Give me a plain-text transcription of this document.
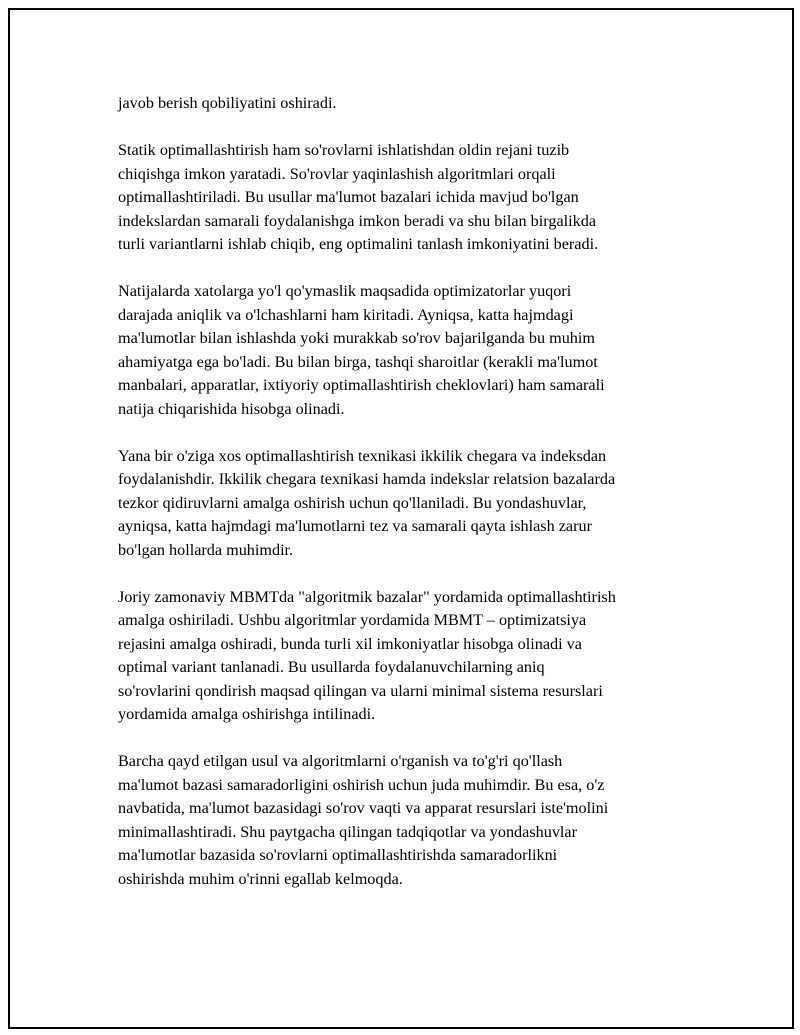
javob berish qobiliyatini oshiradi.
Statik optimallashtirish ham so'rovlarni ishlatishdan oldin rejani tuzib
chiqishga imkon yaratadi. So'rovlar yaqinlashish algoritmlari orqali
optimallashtiriladi. Bu usullar ma'lumot bazalari ichida mavjud bo'lgan
indekslardan samarali foydalanishga imkon beradi va shu bilan birgalikda
turli variantlarni ishlab chiqib, eng optimalini tanlash imkoniyatini beradi.
Natijalarda xatolarga yo'l qo'ymaslik maqsadida optimizatorlar yuqori
darajada aniqlik va o'lchashlarni ham kiritadi. Ayniqsa, katta hajmdagi
ma'lumotlar bilan ishlashda yoki murakkab so'rov bajarilganda bu muhim
ahamiyatga ega bo'ladi. Bu bilan birga, tashqi sharoitlar (kerakli ma'lumot
manbalari, apparatlar, ixtiyoriy optimallashtirish cheklovlari) ham samarali
natija chiqarishida hisobga olinadi.
Yana bir o'ziga xos optimallashtirish texnikasi ikkilik chegara va indeksdan
foydalanishdir. Ikkilik chegara texnikasi hamda indekslar relatsion bazalarda
tezkor qidiruvlarni amalga oshirish uchun qo'llaniladi. Bu yondashuvlar,
ayniqsa, katta hajmdagi ma'lumotlarni tez va samarali qayta ishlash zarur
bo'lgan hollarda muhimdir.
Joriy zamonaviy MBMTda "algoritmik bazalar" yordamida optimallashtirish
amalga oshiriladi. Ushbu algoritmlar yordamida MBMT – optimizatsiya
rejasini amalga oshiradi, bunda turli xil imkoniyatlar hisobga olinadi va
optimal variant tanlanadi. Bu usullarda foydalanuvchilarning aniq
so'rovlarini qondirish maqsad qilingan va ularni minimal sistema resurslari
yordamida amalga oshirishga intilinadi.
Barcha qayd etilgan usul va algoritmlarni o'rganish va to'g'ri qo'llash
ma'lumot bazasi samaradorligini oshirish uchun juda muhimdir. Bu esa, o'z
navbatida, ma'lumot bazasidagi so'rov vaqti va apparat resurslari iste'molini
minimallashtiradi. Shu paytgacha qilingan tadqiqotlar va yondashuvlar
ma'lumotlar bazasida so'rovlarni optimallashtirishda samaradorlikni
oshirishda muhim o'rinni egallab kelmoqda.
